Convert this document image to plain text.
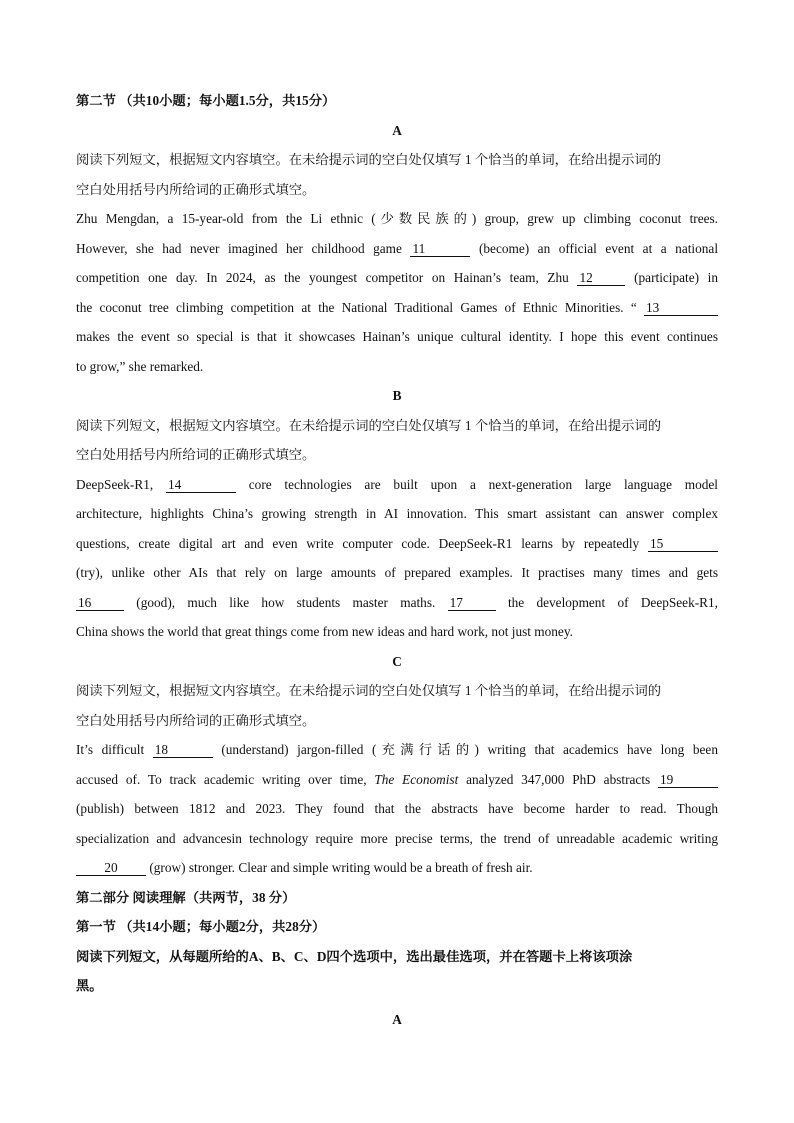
第二节 （共10小题；每小题1.5分，共15分）
A
阅读下列短文，根据短文内容填空。在未给提示词的空白处仅填写 1 个恰当的单词，在给出提示词的
空白处用括号内所给词的正确形式填空。
Zhu Mengdan, a 15-year-old from the Li ethnic (少数民族的) group, grew up climbing coconut trees.
However, she had never imagined her childhood game 11	(become) an official event at a national
competition one day. In 2024, as the youngest competitor on Hainan’s team, Zhu 12	(participate) in
the coconut tree climbing competition at the National Traditional Games of Ethnic Minorities. “ 13
makes the event so special is that it showcases Hainan’s unique cultural identity. I hope this event continues
to grow,” she remarked.
B
阅读下列短文，根据短文内容填空。在未给提示词的空白处仅填写 1 个恰当的单词，在给出提示词的
空白处用括号内所给词的正确形式填空。
DeepSeek-R1, 14	core technologies are built upon a next-generation large language model
architecture, highlights China’s growing strength in AI innovation. This smart assistant can answer complex
questions, create digital art and even write computer code. DeepSeek-R1 learns by repeatedly 15
(try), unlike other AIs that rely on large amounts of prepared examples. It practises many times and gets
16	(good), much like how students master maths. 17	the development of DeepSeek-R1,
China shows the world that great things come from new ideas and hard work, not just money.
C
阅读下列短文，根据短文内容填空。在未给提示词的空白处仅填写 1 个恰当的单词，在给出提示词的
空白处用括号内所给词的正确形式填空。
It’s difficult 18	(understand) jargon-filled (充满行话的) writing that academics have long been
accused of. To track academic writing over time, The Economist analyzed 347,000 PhD abstracts 19
(publish) between 1812 and 2023. They found that the abstracts have become harder to read. Though
specialization and advancesin technology require more precise terms, the trend of unreadable academic writing
20 (grow) stronger. Clear and simple writing would be a breath of fresh air.
第二部分 阅读理解（共两节，38 分）
第一节 （共14小题；每小题2分，共28分）
阅读下列短文，从每题所给的A、B、C、D四个选项中，选出最佳选项，并在答题卡上将该项涂
黑。
A
